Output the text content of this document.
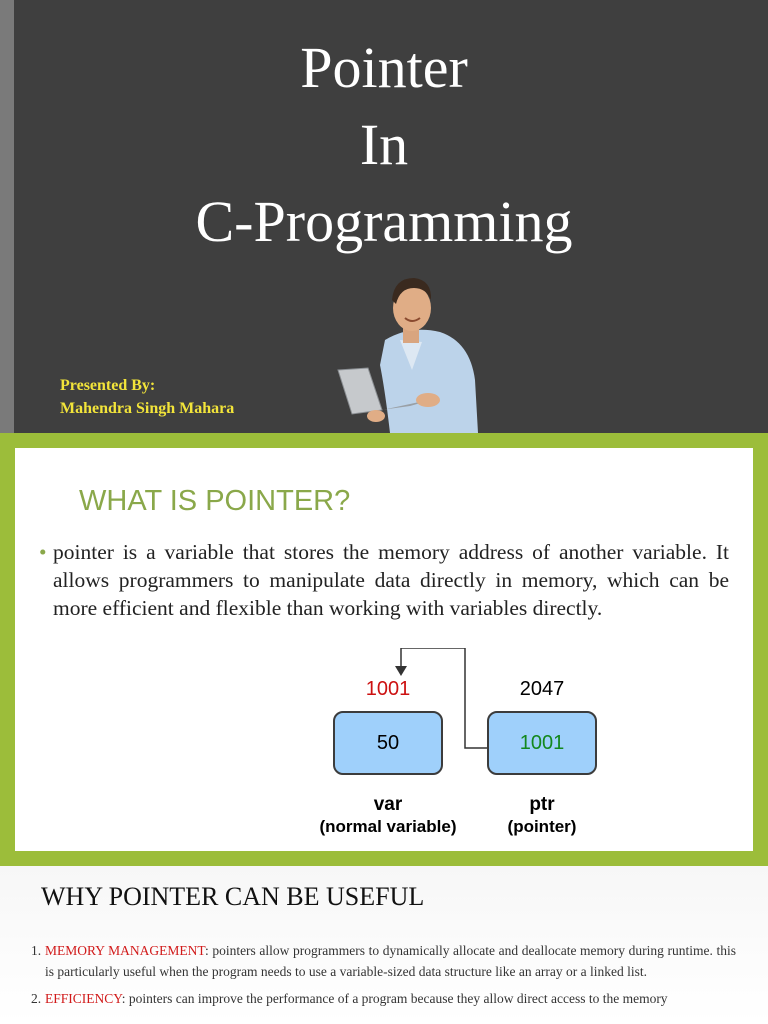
Pointer
In
C-Programming
Presented By:
Mahendra Singh Mahara
WHAT IS POINTER?
• pointer is a variable that stores the memory address of another variable. It allows programmers to manipulate data directly in memory, which can be more efficient and flexible than working with variables directly.
1001	2047
50	1001
var
(normal variable)
ptr
(pointer)
WHY POINTER CAN BE USEFUL
1. MEMORY MANAGEMENT: pointers allow programmers to dynamically allocate and deallocate memory during runtime. this is particularly useful when the program needs to use a variable-sized data structure like an array or a linked list.
2. EFFICIENCY: pointers can improve the performance of a program because they allow direct access to the memory
